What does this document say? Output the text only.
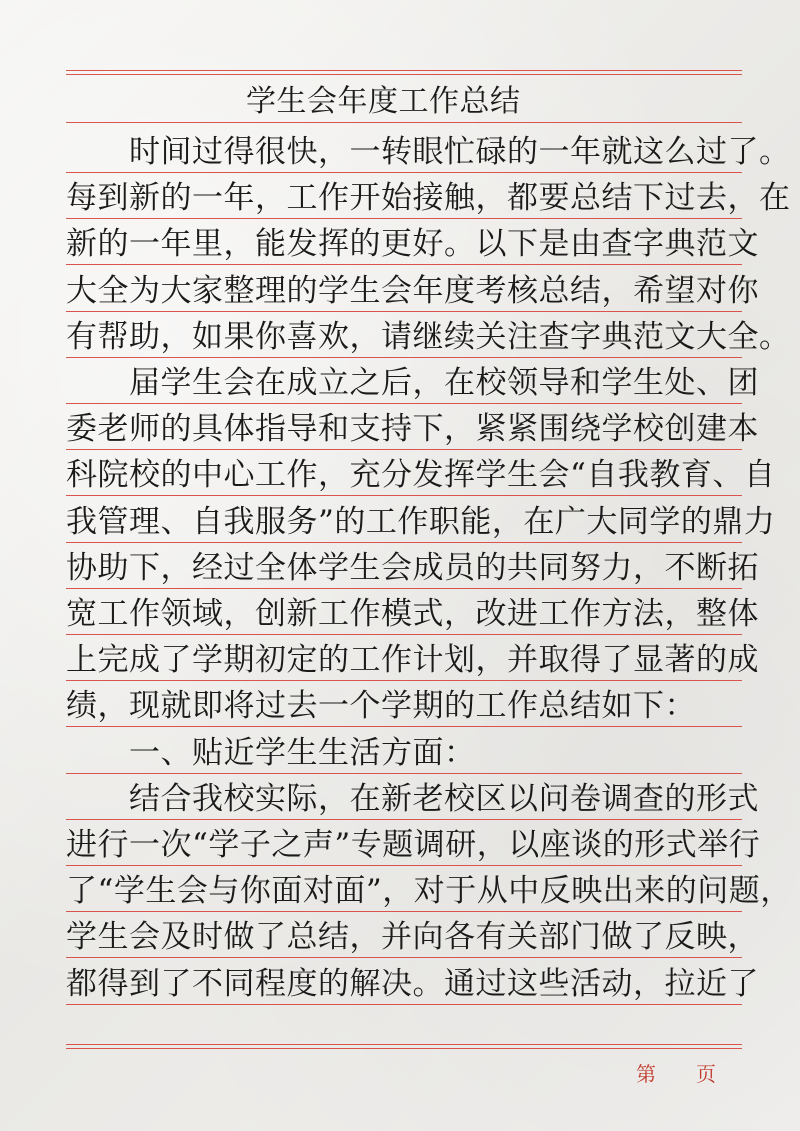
学生会年度工作总结
　　时间过得很快，一转眼忙碌的一年就这么过了。
每到新的一年，工作开始接触，都要总结下过去，在
新的一年里，能发挥的更好。以下是由查字典范文
大全为大家整理的学生会年度考核总结，希望对你
有帮助，如果你喜欢，请继续关注查字典范文大全。
　　届学生会在成立之后，在校领导和学生处、团
委老师的具体指导和支持下，紧紧围绕学校创建本
科院校的中心工作，充分发挥学生会“自我教育、自
我管理、自我服务”的工作职能，在广大同学的鼎力
协助下，经过全体学生会成员的共同努力，不断拓
宽工作领域，创新工作模式，改进工作方法，整体
上完成了学期初定的工作计划，并取得了显著的成
绩，现就即将过去一个学期的工作总结如下：
　　一、贴近学生生活方面：
　　结合我校实际，在新老校区以问卷调查的形式
进行一次“学子之声”专题调研，以座谈的形式举行
了“学生会与你面对面”，对于从中反映出来的问题，
学生会及时做了总结，并向各有关部门做了反映，
都得到了不同程度的解决。通过这些活动，拉近了
第 页
